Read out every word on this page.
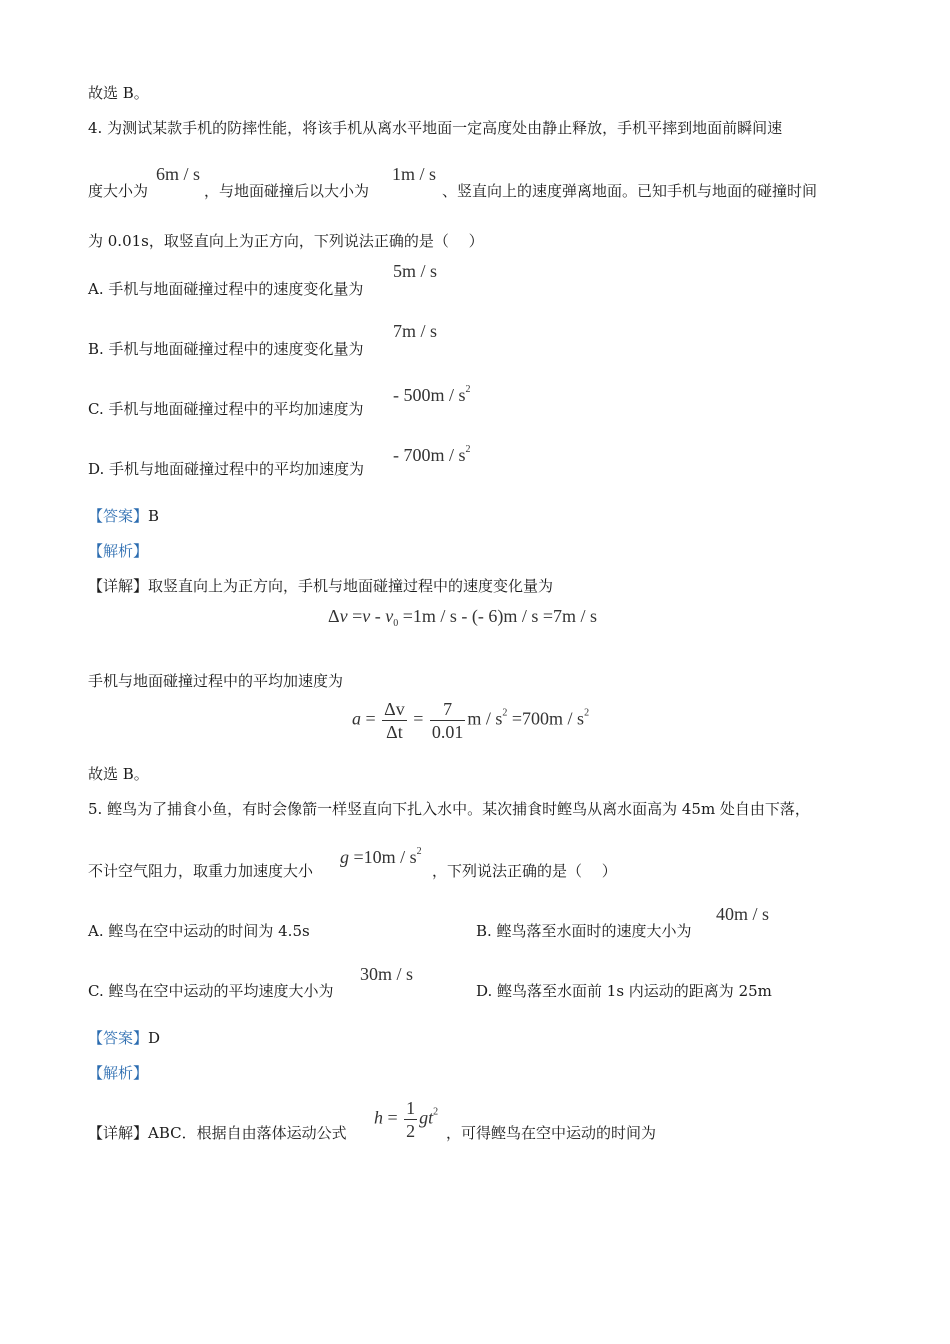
故选 B。
4. 为测试某款手机的防摔性能，将该手机从离水平地面一定高度处由静止释放，手机平摔到地面前瞬间速
度大小为
6m / s
，与地面碰撞后以大小为
1m / s
、竖直向上的速度弹离地面。已知手机与地面的碰撞时间
为 0.01s，取竖直向上为正方向，下列说法正确的是（　 ）
A. 手机与地面碰撞过程中的速度变化量为
5m / s
B. 手机与地面碰撞过程中的速度变化量为
7m / s
C. 手机与地面碰撞过程中的平均加速度为
- $500m / s^2$
D. 手机与地面碰撞过程中的平均加速度为
- $700m / s^2$
【答案】B
【解析】
【详解】取竖直向上为正方向，手机与地面碰撞过程中的速度变化量为
$\Delta v =v - v_0 =1m / s$ - (- 6)m / s =7m / s
手机与地面碰撞过程中的平均加速度为
$a = \frac{\Delta v}{\Delta t} = \frac{7}{0.01}$ $m / s^2 =700m / s^2$
故选 B。
5. 鲣鸟为了捕食小鱼，有时会像箭一样竖直向下扎入水中。某次捕食时鲣鸟从离水面高为 45m 处自由下落，
不计空气阻力，取重力加速度大小
$g =10m / s^2$
，下列说法正确的是（　 ）
A. 鲣鸟在空中运动的时间为 4.5s	B. 鲣鸟落至水面时的速度大小为
40m / s
C. 鲣鸟在空中运动的平均速度大小为
30m / s
D. 鲣鸟落至水面前 1s 内运动的距离为 25m
【答案】D
【解析】
【详解】ABC．根据自由落体运动公式
$h = \frac{1}{2} gt^2$
，可得鲣鸟在空中运动的时间为
